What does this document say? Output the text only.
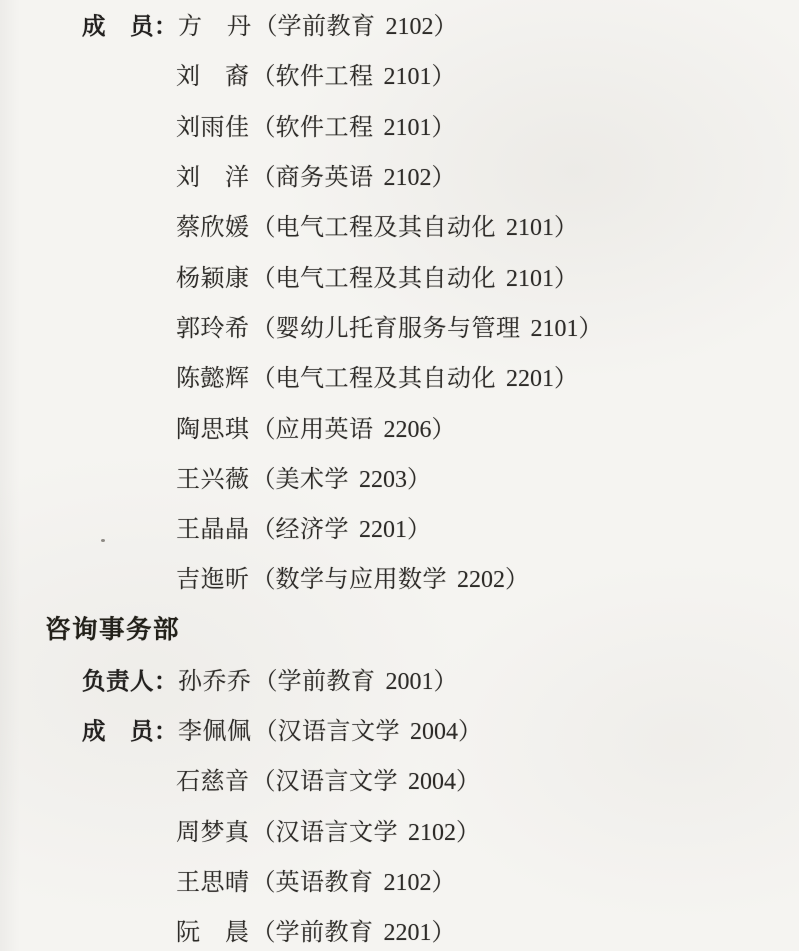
成　员： 方　丹 （ 学前教育 2102 ）
刘　裔 （ 软件工程 2101 ）
刘雨佳 （ 软件工程 2101 ）
刘　洋 （ 商务英语 2102 ）
蔡欣媛 （ 电气工程及其自动化 2101 ）
杨颖康 （ 电气工程及其自动化 2101 ）
郭玲希 （ 婴幼儿托育服务与管理 2101 ）
陈懿辉 （ 电气工程及其自动化 2201 ）
陶思琪 （ 应用英语 2206 ）
王兴薇 （ 美术学 2203 ）
王晶晶 （ 经济学 2201 ）
吉迤昕 （ 数学与应用数学 2202 ）
咨询事务部
负责人： 孙乔乔 （ 学前教育 2001 ）
成　员： 李佩佩 （ 汉语言文学 2004 ）
石慈音 （ 汉语言文学 2004 ）
周梦真 （ 汉语言文学 2102 ）
王思晴 （ 英语教育 2102 ）
阮　晨 （ 学前教育 2201 ）
